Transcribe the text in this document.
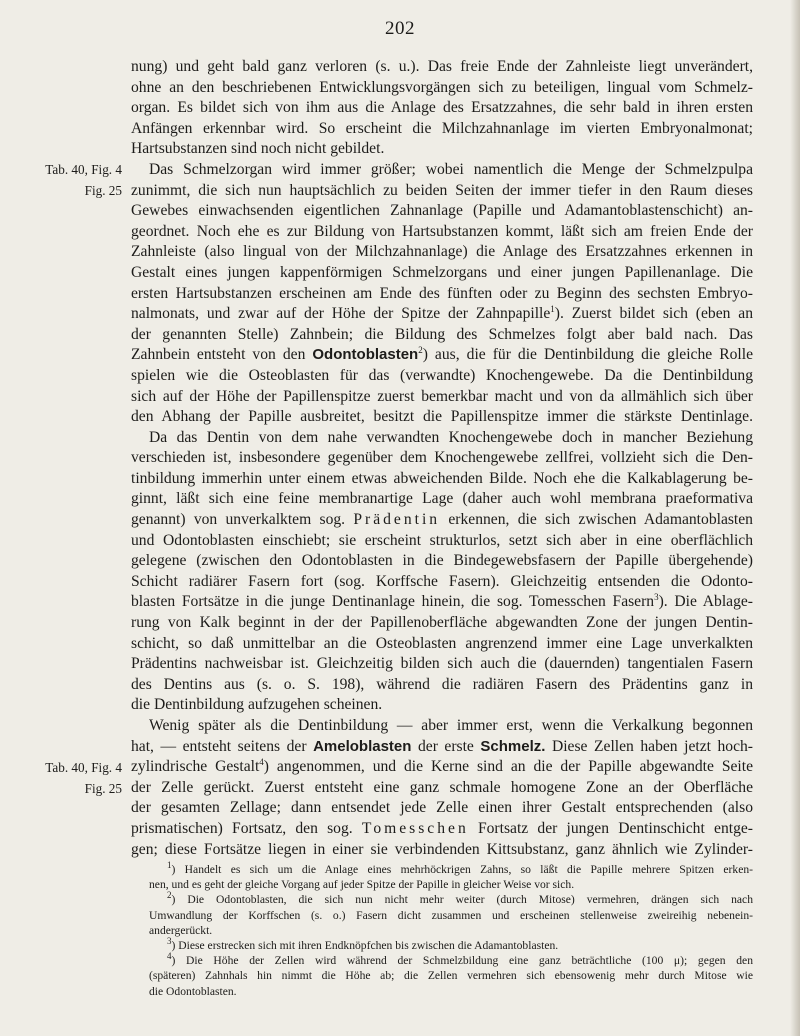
202
Tab. 40, Fig. 4
Fig. 25
Tab. 40, Fig. 4
Fig. 25
nung) und geht bald ganz verloren (s. u.). Das freie Ende der Zahnleiste liegt unverändert,
ohne an den beschriebenen Entwicklungsvorgängen sich zu beteiligen, lingual vom Schmelz-
organ. Es bildet sich von ihm aus die Anlage des Ersatzzahnes, die sehr bald in ihren ersten
Anfängen erkennbar wird. So erscheint die Milchzahnanlage im vierten Embryonalmonat;
Hartsubstanzen sind noch nicht gebildet.
Das Schmelzorgan wird immer größer; wobei namentlich die Menge der Schmelzpulpa
zunimmt, die sich nun hauptsächlich zu beiden Seiten der immer tiefer in den Raum dieses
Gewebes einwachsenden eigentlichen Zahnanlage (Papille und Adamantoblastenschicht) an-
geordnet. Noch ehe es zur Bildung von Hartsubstanzen kommt, läßt sich am freien Ende der
Zahnleiste (also lingual von der Milchzahnanlage) die Anlage des Ersatzzahnes erkennen in
Gestalt eines jungen kappenförmigen Schmelzorgans und einer jungen Papillenanlage. Die
ersten Hartsubstanzen erscheinen am Ende des fünften oder zu Beginn des sechsten Embryo-
nalmonats, und zwar auf der Höhe der Spitze der Zahnpapille$^1$). Zuerst bildet sich (eben an
der genannten Stelle) Zahnbein; die Bildung des Schmelzes folgt aber bald nach. Das
Zahnbein entsteht von den Odontoblasten$^2$) aus, die für die Dentinbildung die gleiche Rolle
spielen wie die Osteoblasten für das (verwandte) Knochengewebe. Da die Dentinbildung
sich auf der Höhe der Papillenspitze zuerst bemerkbar macht und von da allmählich sich über
den Abhang der Papille ausbreitet, besitzt die Papillenspitze immer die stärkste Dentinlage.
Da das Dentin von dem nahe verwandten Knochengewebe doch in mancher Beziehung
verschieden ist, insbesondere gegenüber dem Knochengewebe zellfrei, vollzieht sich die Den-
tinbildung immerhin unter einem etwas abweichenden Bilde. Noch ehe die Kalkablagerung be-
ginnt, läßt sich eine feine membranartige Lage (daher auch wohl membrana praeformativa
genannt) von unverkalktem sog. Prädentin erkennen, die sich zwischen Adamantoblasten
und Odontoblasten einschiebt; sie erscheint strukturlos, setzt sich aber in eine oberflächlich
gelegene (zwischen den Odontoblasten in die Bindegewebsfasern der Papille übergehende)
Schicht radiärer Fasern fort (sog. Korffsche Fasern). Gleichzeitig entsenden die Odonto-
blasten Fortsätze in die junge Dentinanlage hinein, die sog. Tomesschen Fasern$^3$). Die Ablage-
rung von Kalk beginnt in der der Papillenoberfläche abgewandten Zone der jungen Dentin-
schicht, so daß unmittelbar an die Osteoblasten angrenzend immer eine Lage unverkalkten
Prädentins nachweisbar ist. Gleichzeitig bilden sich auch die (dauernden) tangentialen Fasern
des Dentins aus (s. o. S. 198), während die radiären Fasern des Prädentins ganz in
die Dentinbildung aufzugehen scheinen.
Wenig später als die Dentinbildung — aber immer erst, wenn die Verkalkung begonnen
hat, — entsteht seitens der Ameloblasten der erste Schmelz. Diese Zellen haben jetzt hoch-
zylindrische Gestalt$^4$) angenommen, und die Kerne sind an die der Papille abgewandte Seite
der Zelle gerückt. Zuerst entsteht eine ganz schmale homogene Zone an der Oberfläche
der gesamten Zellage; dann entsendet jede Zelle einen ihrer Gestalt entsprechenden (also
prismatischen) Fortsatz, den sog. Tomesschen Fortsatz der jungen Dentinschicht entge-
gen; diese Fortsätze liegen in einer sie verbindenden Kittsubstanz, ganz ähnlich wie Zylinder-
$^1$) Handelt es sich um die Anlage eines mehrhöckrigen Zahns, so läßt die Papille mehrere Spitzen erken-
nen, und es geht der gleiche Vorgang auf jeder Spitze der Papille in gleicher Weise vor sich.
$^2$) Die Odontoblasten, die sich nun nicht mehr weiter (durch Mitose) vermehren, drängen sich nach
Umwandlung der Korffschen (s. o.) Fasern dicht zusammen und erscheinen stellenweise zweireihig nebenein-
andergerückt.
$^3$) Diese erstrecken sich mit ihren Endknöpfchen bis zwischen die Adamantoblasten.
$^4$) Die Höhe der Zellen wird während der Schmelzbildung eine ganz beträchtliche (100 μ); gegen den
(späteren) Zahnhals hin nimmt die Höhe ab; die Zellen vermehren sich ebensowenig mehr durch Mitose wie
die Odontoblasten.
